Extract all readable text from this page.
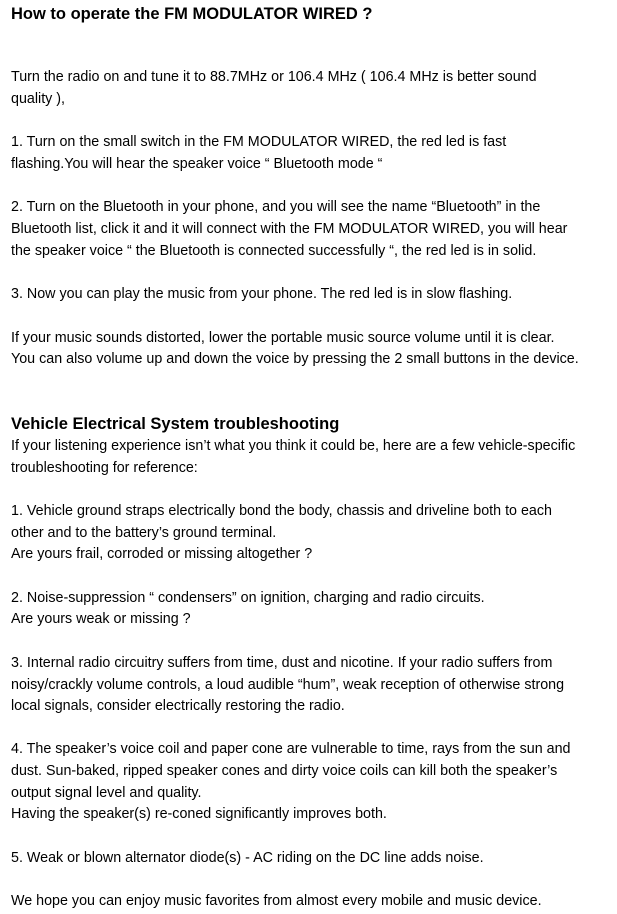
How to operate the FM MODULATOR WIRED ?
Turn the radio on and tune it to 88.7MHz or 106.4 MHz ( 106.4 MHz is better sound
quality ),
1. Turn on the small switch in the FM MODULATOR WIRED, the red led is fast
flashing.You will hear the speaker voice “ Bluetooth mode “
2. Turn on the Bluetooth in your phone, and you will see the name “Bluetooth” in the
Bluetooth list, click it and it will connect with the FM MODULATOR WIRED, you will hear
the speaker voice “ the Bluetooth is connected successfully “, the red led is in solid.
3. Now you can play the music from your phone. The red led is in slow flashing.
If your music sounds distorted, lower the portable music source volume until it is clear.
You can also volume up and down the voice by pressing the 2 small buttons in the device.
Vehicle Electrical System troubleshooting
If your listening experience isn’t what you think it could be, here are a few vehicle-specific
troubleshooting for reference:
1. Vehicle ground straps electrically bond the body, chassis and driveline both to each
other and to the battery’s ground terminal.
Are yours frail, corroded or missing altogether ?
2. Noise-suppression “ condensers” on ignition, charging and radio circuits.
Are yours weak or missing ?
3. Internal radio circuitry suffers from time, dust and nicotine. If your radio suffers from
noisy/crackly volume controls, a loud audible “hum”, weak reception of otherwise strong
local signals, consider electrically restoring the radio.
4. The speaker’s voice coil and paper cone are vulnerable to time, rays from the sun and
dust. Sun-baked, ripped speaker cones and dirty voice coils can kill both the speaker’s
output signal level and quality.
Having the speaker(s) re-coned significantly improves both.
5. Weak or blown alternator diode(s) - AC riding on the DC line adds noise.
We hope you can enjoy music favorites from almost every mobile and music device.
